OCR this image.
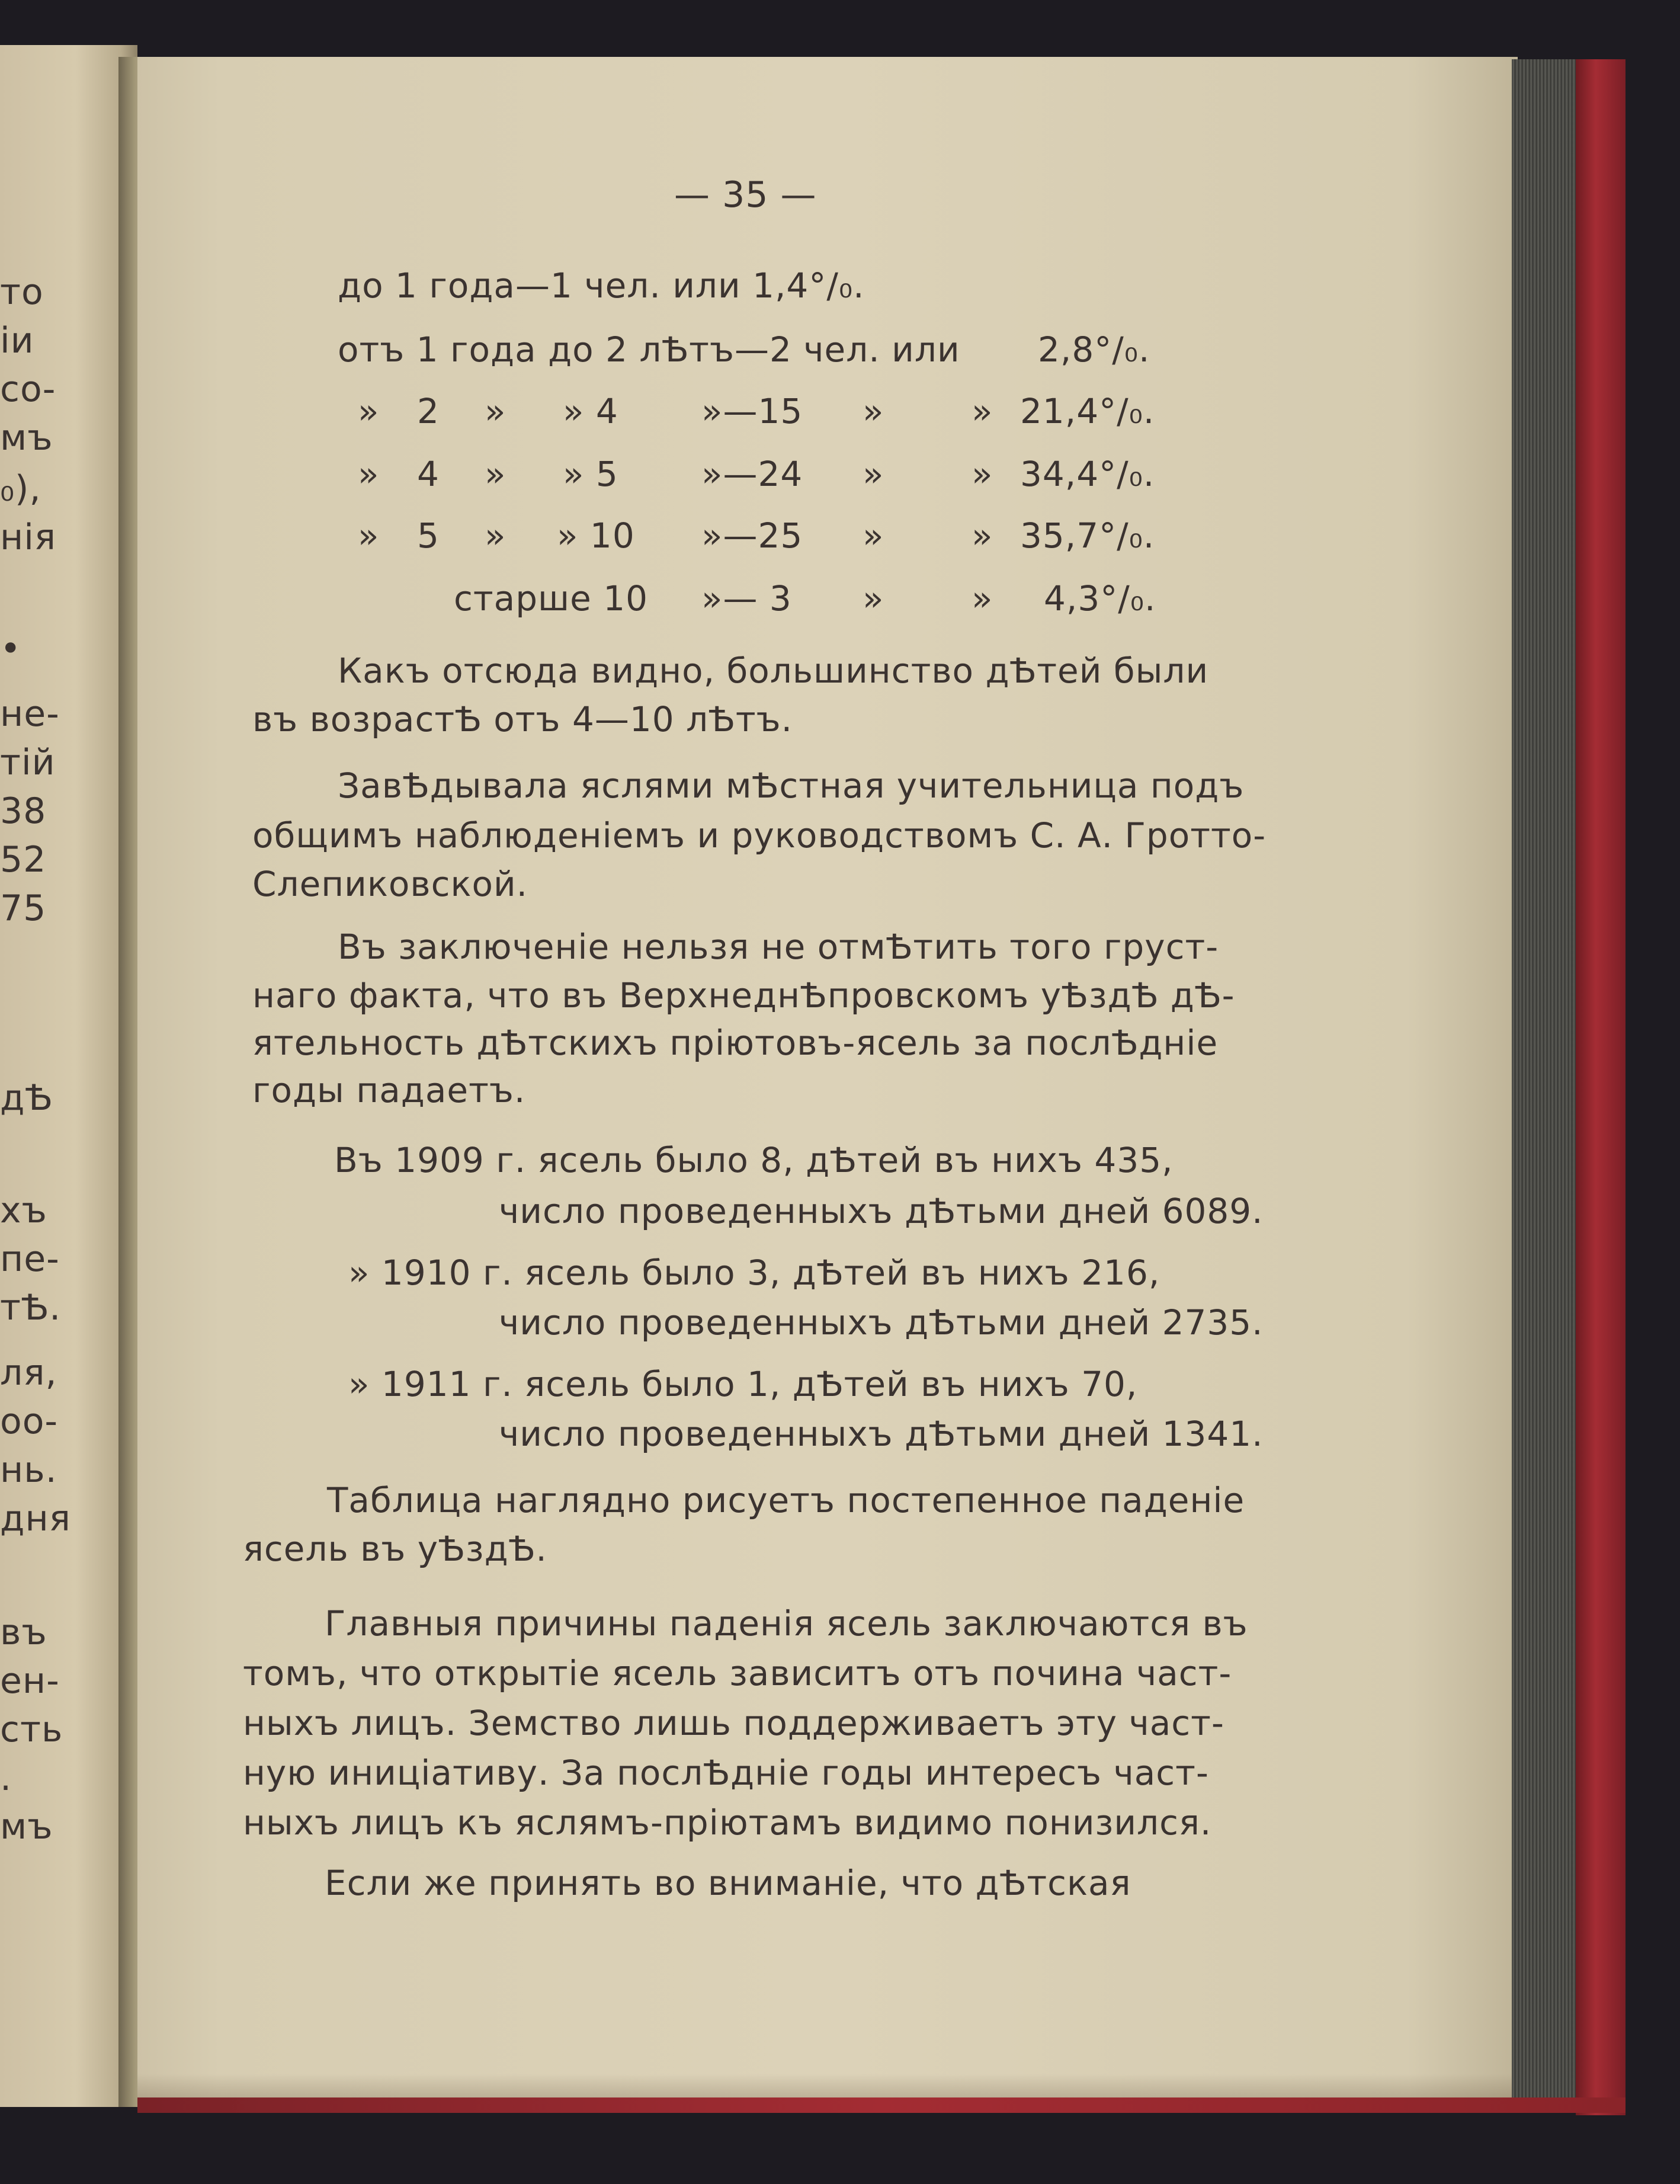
то
іи
со-
мъ
₀),
нія
•
не-
тій
38
52
75
дѢ
хъ
пе-
тѢ.
ля,
оо-
нь.
дня
въ
ен-
сть
.
мъ
— 35 —
до 1 года—1 чел. или 1,4°/₀.
отъ 1 года до 2 лѢтъ—2 чел. или 2,8°/₀.
» 2 » » 4 »—15 »	» 21,4°/₀.
» 4 » » 5 »—24 »	» 34,4°/₀.
» 5 » » 10 »—25 »	» 35,7°/₀.
старше 10 »— 3 »	» 4,3°/₀.
Какъ отсюда видно, большинство дѢтей были
въ возрастѢ отъ 4—10 лѢтъ.
ЗавѢдывала яслями мѢстная учительница подъ
общимъ наблюденіемъ и руководствомъ С. А. Гротто-
Слепиковской.
Въ заключеніе нельзя не отмѢтить того груст-
наго факта, что въ ВерхнеднѢпровскомъ уѢздѢ дѢ-
ятельность дѢтскихъ пріютовъ-ясель за послѢдніе
годы падаетъ.
Въ 1909 г. ясель было 8, дѢтей въ нихъ 435,
число проведенныхъ дѢтьми дней 6089.
» 1910 г. ясель было 3, дѢтей въ нихъ 216,
число проведенныхъ дѢтьми дней 2735.
» 1911 г. ясель было 1, дѢтей въ нихъ 70,
число проведенныхъ дѢтьми дней 1341.
Таблица наглядно рисуетъ постепенное паденіе
ясель въ уѢздѢ.
Главныя причины паденія ясель заключаются въ
томъ, что открытіе ясель зависитъ отъ почина част-
ныхъ лицъ. Земство лишь поддерживаетъ эту част-
ную иниціативу. За послѢдніе годы интересъ част-
ныхъ лицъ къ яслямъ-пріютамъ видимо понизился.
Если же принять во вниманіе, что дѢтская
